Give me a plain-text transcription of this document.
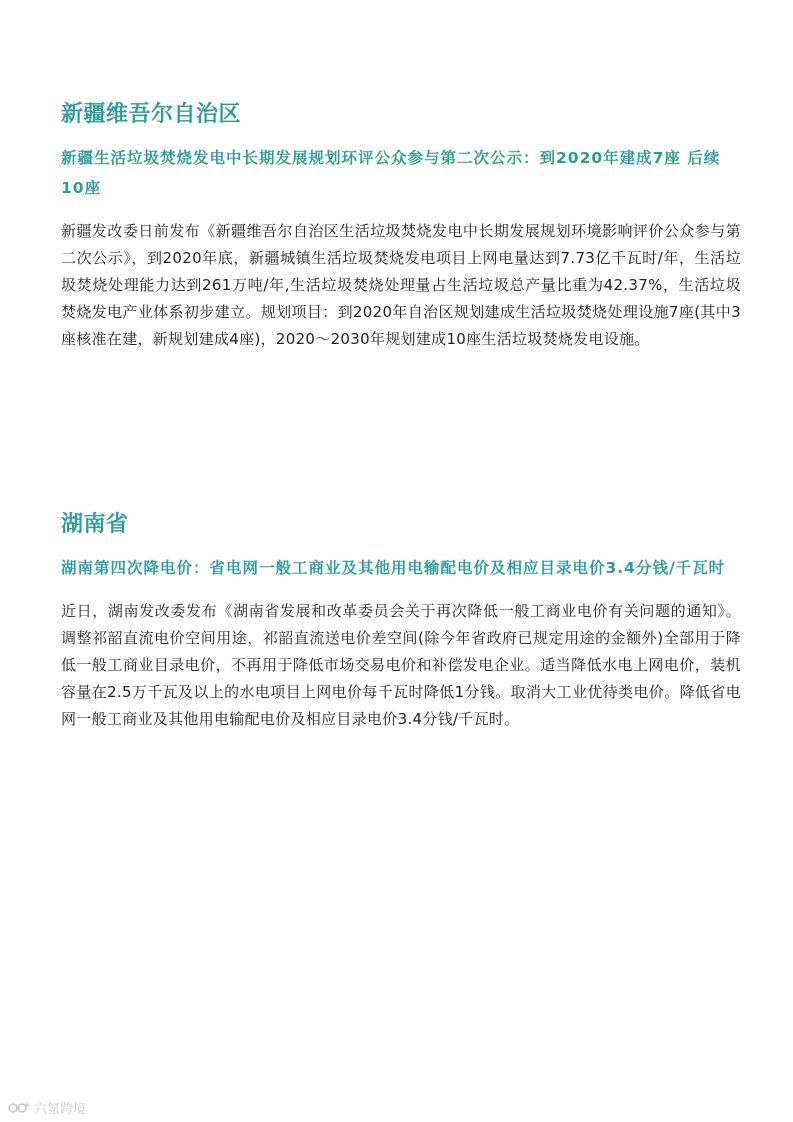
新疆维吾尔自治区
新疆生活垃圾焚烧发电中长期发展规划环评公众参与第二次公示：到2020年建成7座 后续10座

新疆发改委日前发布《新疆维吾尔自治区生活垃圾焚烧发电中长期发展规划环境影响评价公众参与第二次公示》，到2020年底，新疆城镇生活垃圾焚烧发电项目上网电量达到7.73亿千瓦时/年，生活垃圾焚烧处理能力达到261万吨/年,生活垃圾焚烧处理量占生活垃圾总产量比重为42.37%，生活垃圾焚烧发电产业体系初步建立。规划项目：到2020年自治区规划建成生活垃圾焚烧处理设施7座(其中3座核准在建，新规划建成4座)，2020～2030年规划建成10座生活垃圾焚烧发电设施。

湖南省
湖南第四次降电价：省电网一般工商业及其他用电输配电价及相应目录电价3.4分钱/千瓦时

近日，湖南发改委发布《湖南省发展和改革委员会关于再次降低一般工商业电价有关问题的通知》。调整祁韶直流电价空间用途，祁韶直流送电价差空间(除今年省政府已规定用途的金额外)全部用于降低一般工商业目录电价，不再用于降低市场交易电价和补偿发电企业。适当降低水电上网电价，装机容量在2.5万千瓦及以上的水电项目上网电价每千瓦时降低1分钱。取消大工业优待类电价。降低省电网一般工商业及其他用电输配电价及相应目录电价3.4分钱/千瓦时。

六氪跨境
